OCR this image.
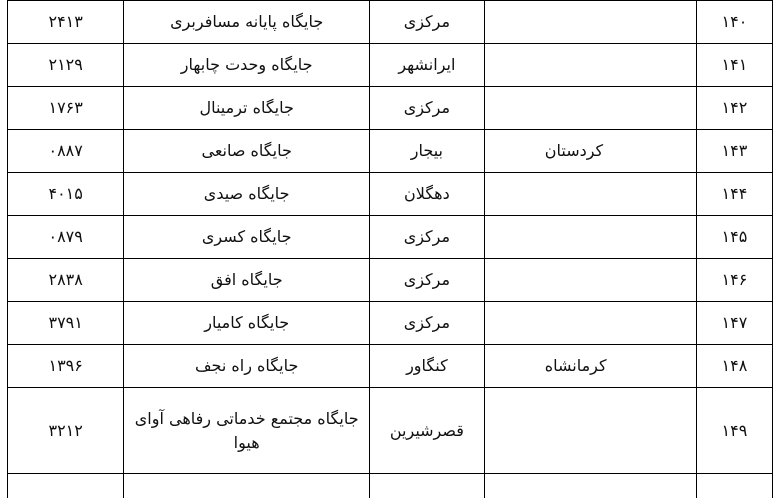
۱۴۰		مرکزی	جایگاه پایانه مسافربری	۲۴۱۳
۱۴۱		ایرانشهر	جایگاه وحدت چابهار	۲۱۲۹
۱۴۲		مرکزی	جایگاه ترمینال	۱۷۶۳
۱۴۳	کردستان	بیجار	جایگاه صانعی	۰۸۸۷
۱۴۴		دهگلان	جایگاه صیدی	۴۰۱۵
۱۴۵		مرکزی	جایگاه کسری	۰۸۷۹
۱۴۶		مرکزی	جایگاه افق	۲۸۳۸
۱۴۷		مرکزی	جایگاه کامیار	۳۷۹۱
۱۴۸	کرمانشاه	کنگاور	جایگاه راه نجف	۱۳۹۶
۱۴۹		قصرشیرین	جایگاه مجتمع خدماتی رفاهی آوای هیوا	۳۲۱۲
